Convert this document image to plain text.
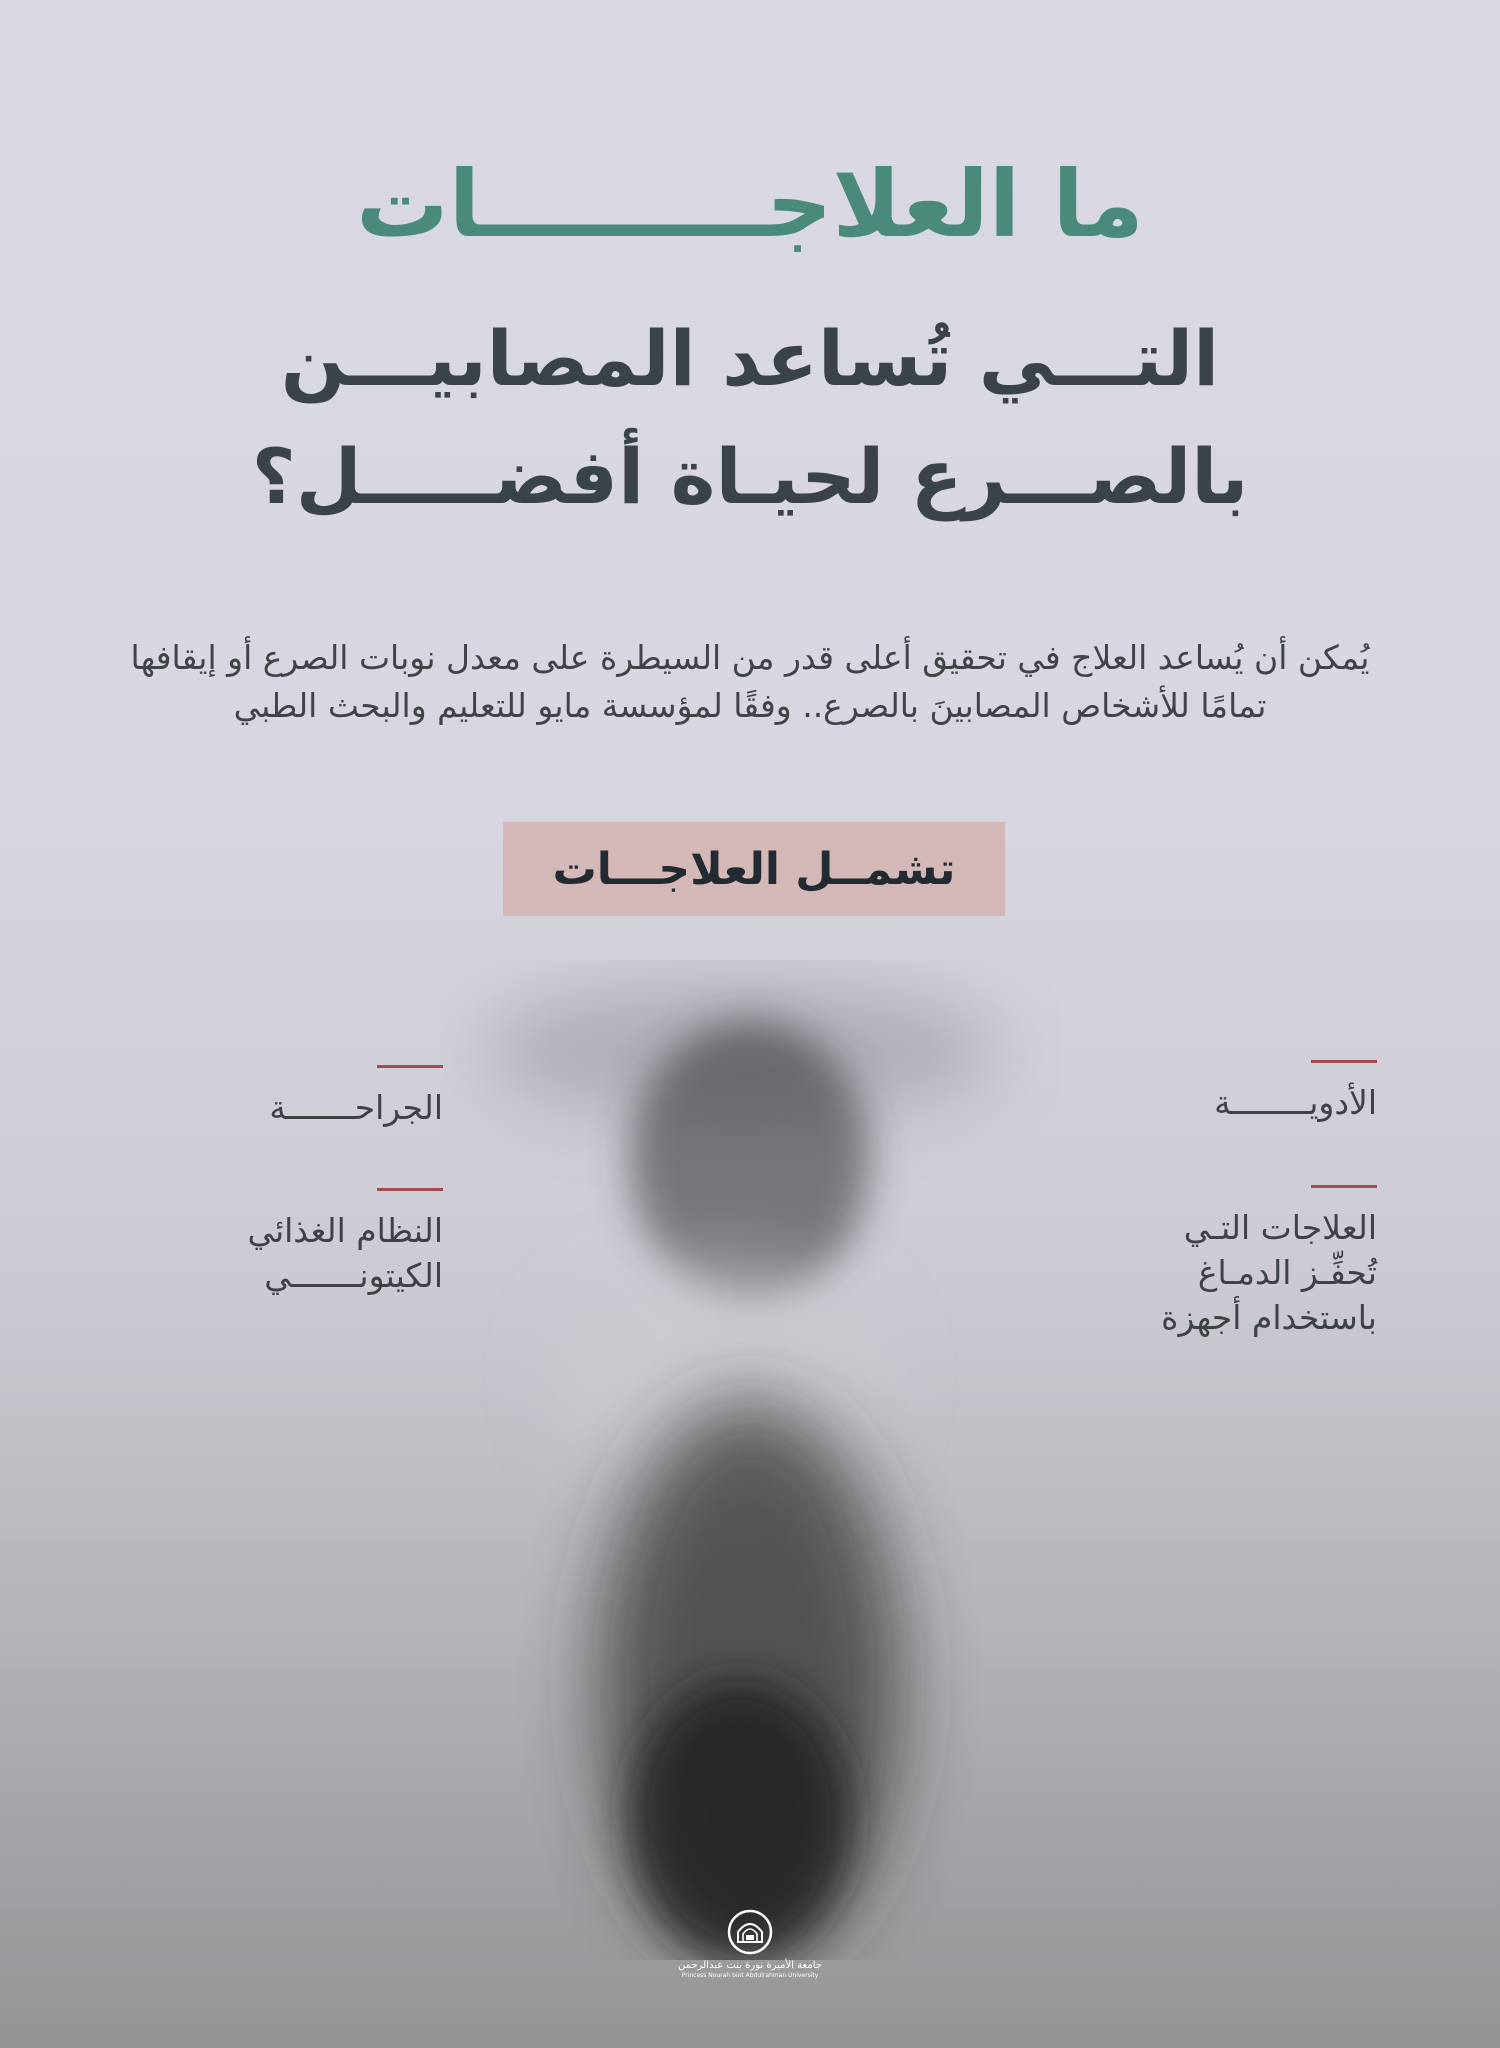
ما العلاجـــــــــات
التـــي تُساعد المصابيـــن
بالصـــرع لحيـاة أفضـــــل؟

يُمكن أن يُساعد العلاج في تحقيق أعلى قدر من السيطرة على معدل نوبات الصرع أو إيقافها تمامًا للأشخاص المصابينَ بالصرع.. وفقًا لمؤسسة مايو للتعليم والبحث الطبي

تشمــل العلاجـــات
الأدويــــــــة
العلاجات التـي
تُحفِّـز الدمـاغ
باستخدام أجهزة
الجراحـــــــة
النظام الغذائي
الكيتونـــــــي
جامعة الأميرة نورة بنت عبدالرحمن
Princess Nourah bint Abdulrahman University
